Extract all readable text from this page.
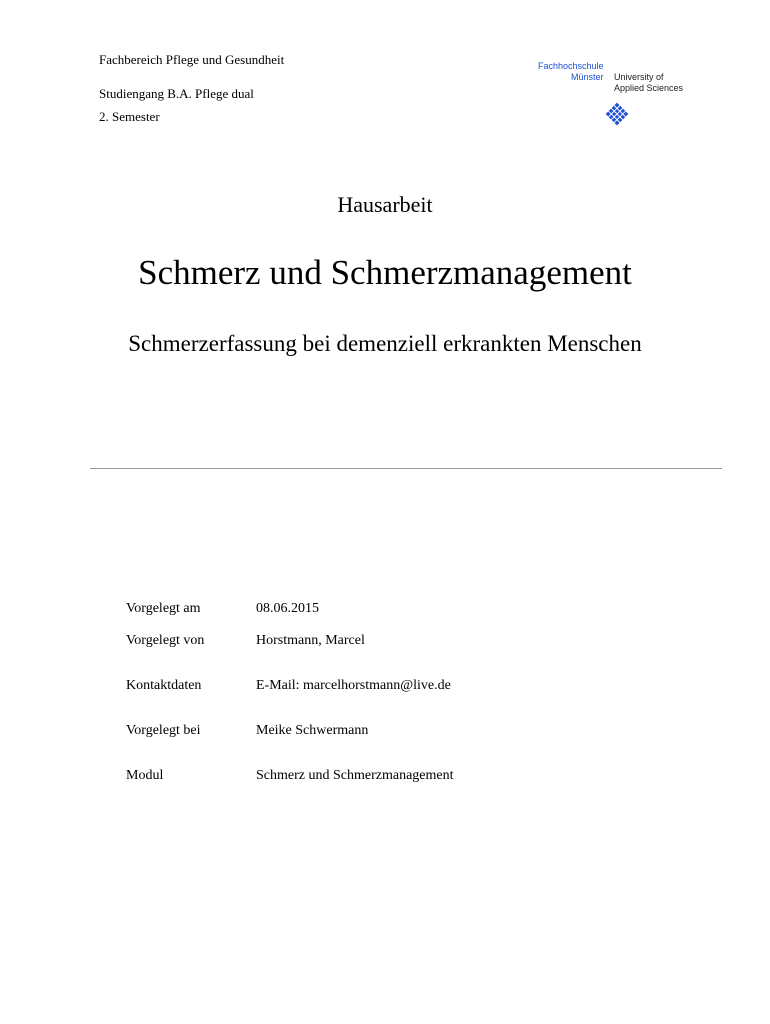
Fachbereich Pflege und Gesundheit
Studiengang B.A. Pflege dual
2. Semester
Fachhochschule
Münster University of
Applied Sciences
Hausarbeit
Schmerz und Schmerzmanagement
Schmerzerfassung bei demenziell erkrankten Menschen
Vorgelegt am	08.06.2015
Vorgelegt von	Horstmann, Marcel
Kontaktdaten	E-Mail: marcelhorstmann@live.de
Vorgelegt bei	Meike Schwermann
Modul	Schmerz und Schmerzmanagement
